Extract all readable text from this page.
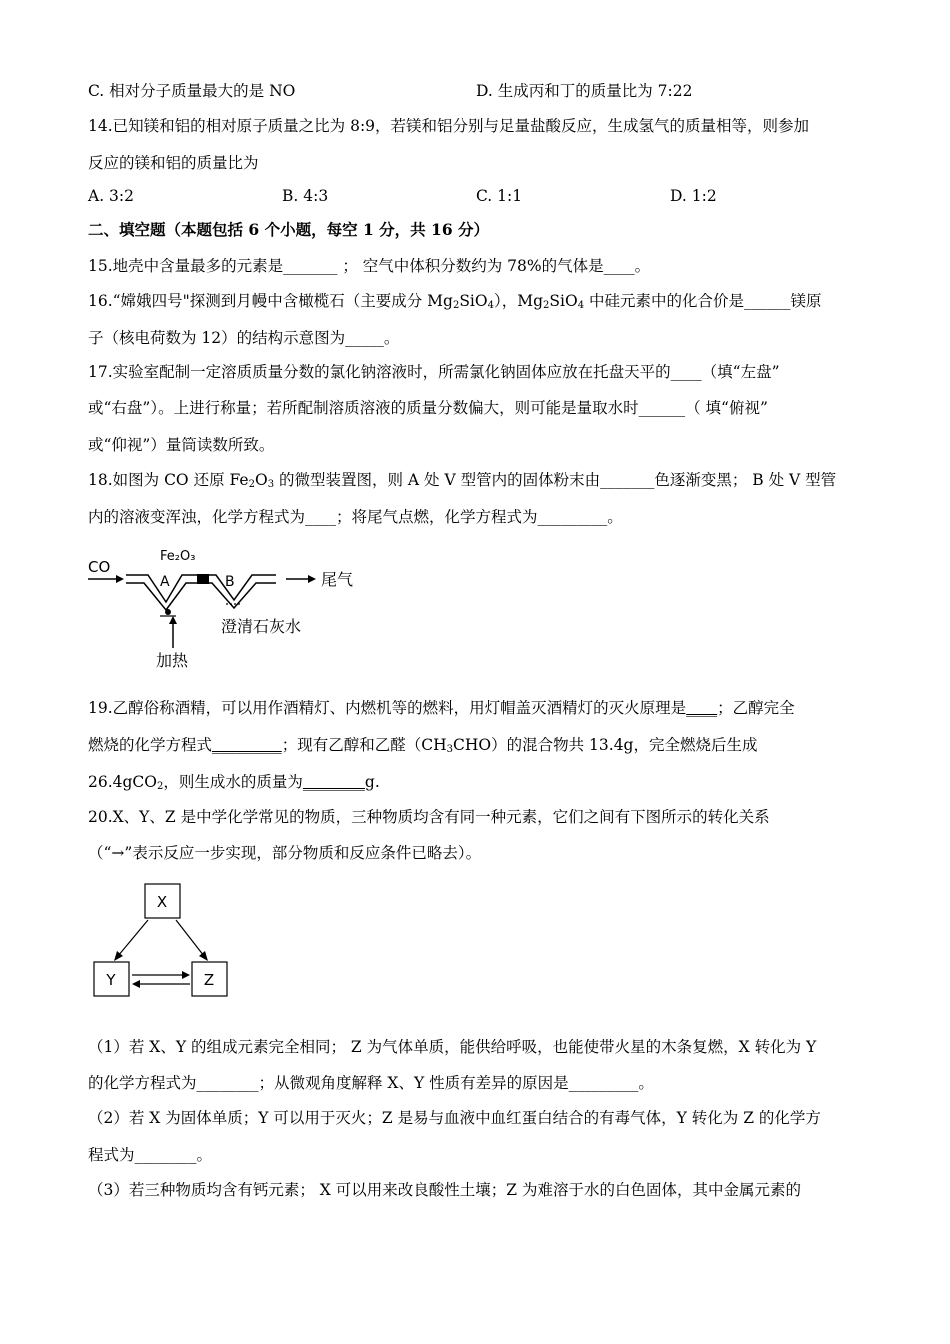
C. 相对分子质量最大的是 NO	D. 生成丙和丁的质量比为 7:22
14.已知镁和铝的相对原子质量之比为 8:9，若镁和铝分别与足量盐酸反应，生成氢气的质量相等，则参加
反应的镁和铝的质量比为
A. 3:2	B. 4:3	C. 1:1	D. 1:2
二、填空题（本题包括 6 个小题，每空 1 分，共 16 分）
15.地壳中含量最多的元素是_______ ； 空气中体积分数约为 78%的气体是____。
16.“嫦娥四号"探测到月幔中含橄榄石（主要成分 $Mg_2SiO_4$），$Mg_2SiO_4$ 中硅元素中的化合价是______镁原
子（核电荷数为 12）的结构示意图为_____。
17.实验室配制一定溶质质量分数的氯化钠溶液时，所需氯化钠固体应放在托盘天平的____（填“左盘”
或“右盘”）。上进行称量；若所配制溶质溶液的质量分数偏大，则可能是量取水时______（ 填“俯视”
或“仰视”）量筒读数所致。
18.如图为 CO 还原 $Fe_2O_3$ 的微型装置图，则 A 处 V 型管内的固体粉末由_______色逐渐变黑； B 处 V 型管
内的溶液变浑浊，化学方程式为____；将尾气点燃，化学方程式为_________。
CO
Fe₂O₃
A	B	尾气
澄清石灰水
加热
19.乙醇俗称酒精，可以用作酒精灯、内燃机等的燃料，用灯帽盖灭酒精灯的灭火原理是____；乙醇完全
燃烧的化学方程式_________；现有乙醇和乙醛$(CH_3CHO)$的混合物共 13.4g，完全燃烧后生成
26.4gCO$_2$，则生成水的质量为________g.
20.X、Y、Z 是中学化学常见的物质，三种物质均含有同一种元素，它们之间有下图所示的转化关系
（“→”表示反应一步实现，部分物质和反应条件已略去）。
X
Y	Z
（1）若 X、Y 的组成元素完全相同； Z 为气体单质，能供给呼吸，也能使带火星的木条复燃，X 转化为 Y
的化学方程式为________；从微观角度解释 X、Y 性质有差异的原因是_________。
（2）若 X 为固体单质；Y 可以用于灭火；Z 是易与血液中血红蛋白结合的有毒气体，Y 转化为 Z 的化学方
程式为________。
（3）若三种物质均含有钙元素； X 可以用来改良酸性土壤；Z 为难溶于水的白色固体，其中金属元素的
